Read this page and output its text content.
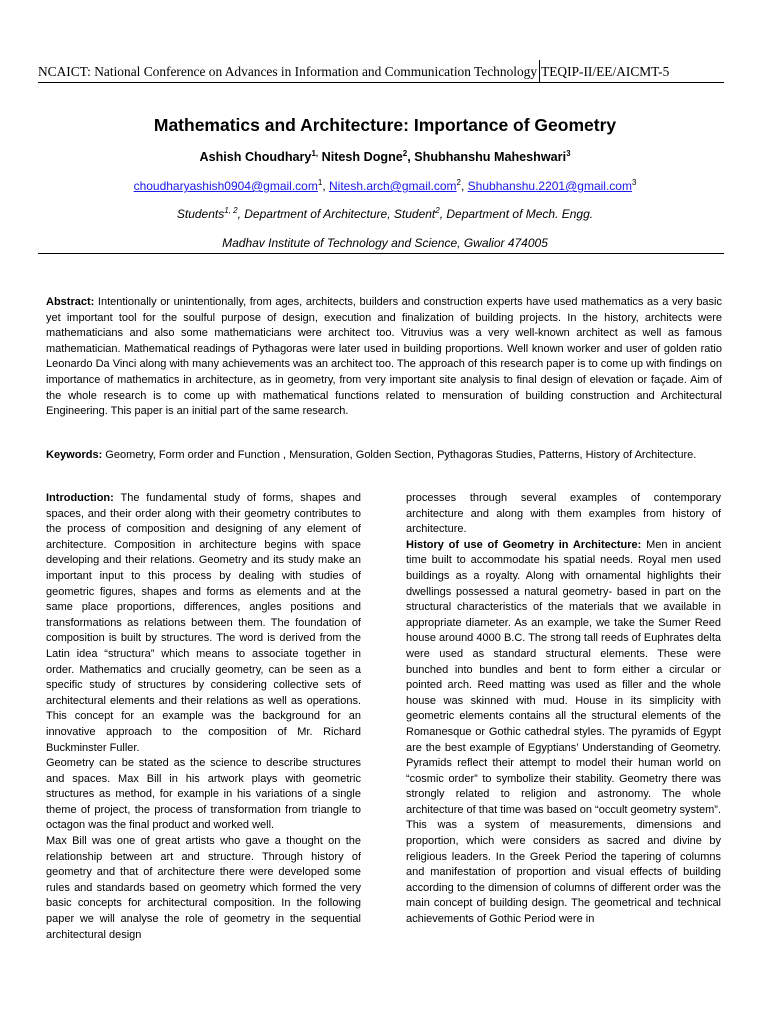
NCAICT: National Conference on Advances in Information and Communication Technology TEQIP-II/EE/AICMT-5
Mathematics and Architecture: Importance of Geometry
Ashish Choudhary$^{1,}$ Nitesh Dogne$^2$, Shubhanshu Maheshwari$^3$
choudharyashish0904@gmail.com$^1$, Nitesh.arch@gmail.com$^2$, Shubhanshu.2201@gmail.com$^3$
Students$^{1, 2}$, Department of Architecture, Student$^2$, Department of Mech. Engg.
Madhav Institute of Technology and Science, Gwalior 474005
Abstract: Intentionally or unintentionally, from ages, architects, builders and construction experts have used mathematics as a very basic yet important tool for the soulful purpose of design, execution and finalization of building projects. In the history, architects were mathematicians and also some mathematicians were architect too. Vitruvius was a very well-known architect as well as famous mathematician. Mathematical readings of Pythagoras were later used in building proportions. Well known worker and user of golden ratio Leonardo Da Vinci along with many achievements was an architect too. The approach of this research paper is to come up with findings on importance of mathematics in architecture, as in geometry, from very important site analysis to final design of elevation or façade. Aim of the whole research is to come up with mathematical functions related to mensuration of building construction and Architectural Engineering. This paper is an initial part of the same research.
Keywords: Geometry, Form order and Function , Mensuration, Golden Section, Pythagoras Studies, Patterns, History of Architecture.

Introduction: The fundamental study of forms, shapes and spaces, and their order along with their geometry contributes to the process of composition and designing of any element of architecture. Composition in architecture begins with space developing and their relations. Geometry and its study make an important input to this process by dealing with studies of geometric figures, shapes and forms as elements and at the same place proportions, differences, angles positions and transformations as relations between them. The foundation of composition is built by structures. The word is derived from the Latin idea “structura” which means to associate together in order. Mathematics and crucially geometry, can be seen as a specific study of structures by considering collective sets of architectural elements and their relations as well as operations. This concept for an example was the background for an innovative approach to the composition of Mr. Richard Buckminster Fuller.

Geometry can be stated as the science to describe structures and spaces. Max Bill in his artwork plays with geometric structures as method, for example in his variations of a single theme of project, the process of transformation from triangle to octagon was the final product and worked well.

Max Bill was one of great artists who gave a thought on the relationship between art and structure. Through history of geometry and that of architecture there were developed some rules and standards based on geometry which formed the very basic concepts for architectural composition. In the following paper we will analyse the role of geometry in the sequential architectural design

processes through several examples of contemporary architecture and along with them examples from history of architecture.

History of use of Geometry in Architecture: Men in ancient time built to accommodate his spatial needs. Royal men used buildings as a royalty. Along with ornamental highlights their dwellings possessed a natural geometry- based in part on the structural characteristics of the materials that we available in appropriate diameter. As an example, we take the Sumer Reed house around 4000 B.C. The strong tall reeds of Euphrates delta were used as standard structural elements. These were bunched into bundles and bent to form either a circular or pointed arch. Reed matting was used as filler and the whole house was skinned with mud. House in its simplicity with geometric elements contains all the structural elements of the Romanesque or Gothic cathedral styles. The pyramids of Egypt are the best example of Egyptians’ Understanding of Geometry. Pyramids reflect their attempt to model their human world on “cosmic order” to symbolize their stability. Geometry there was strongly related to religion and astronomy. The whole architecture of that time was based on “occult geometry system”. This was a system of measurements, dimensions and proportion, which were considers as sacred and divine by religious leaders. In the Greek Period the tapering of columns and manifestation of proportion and visual effects of building according to the dimension of columns of different order was the main concept of building design. The geometrical and technical achievements of Gothic Period were in
